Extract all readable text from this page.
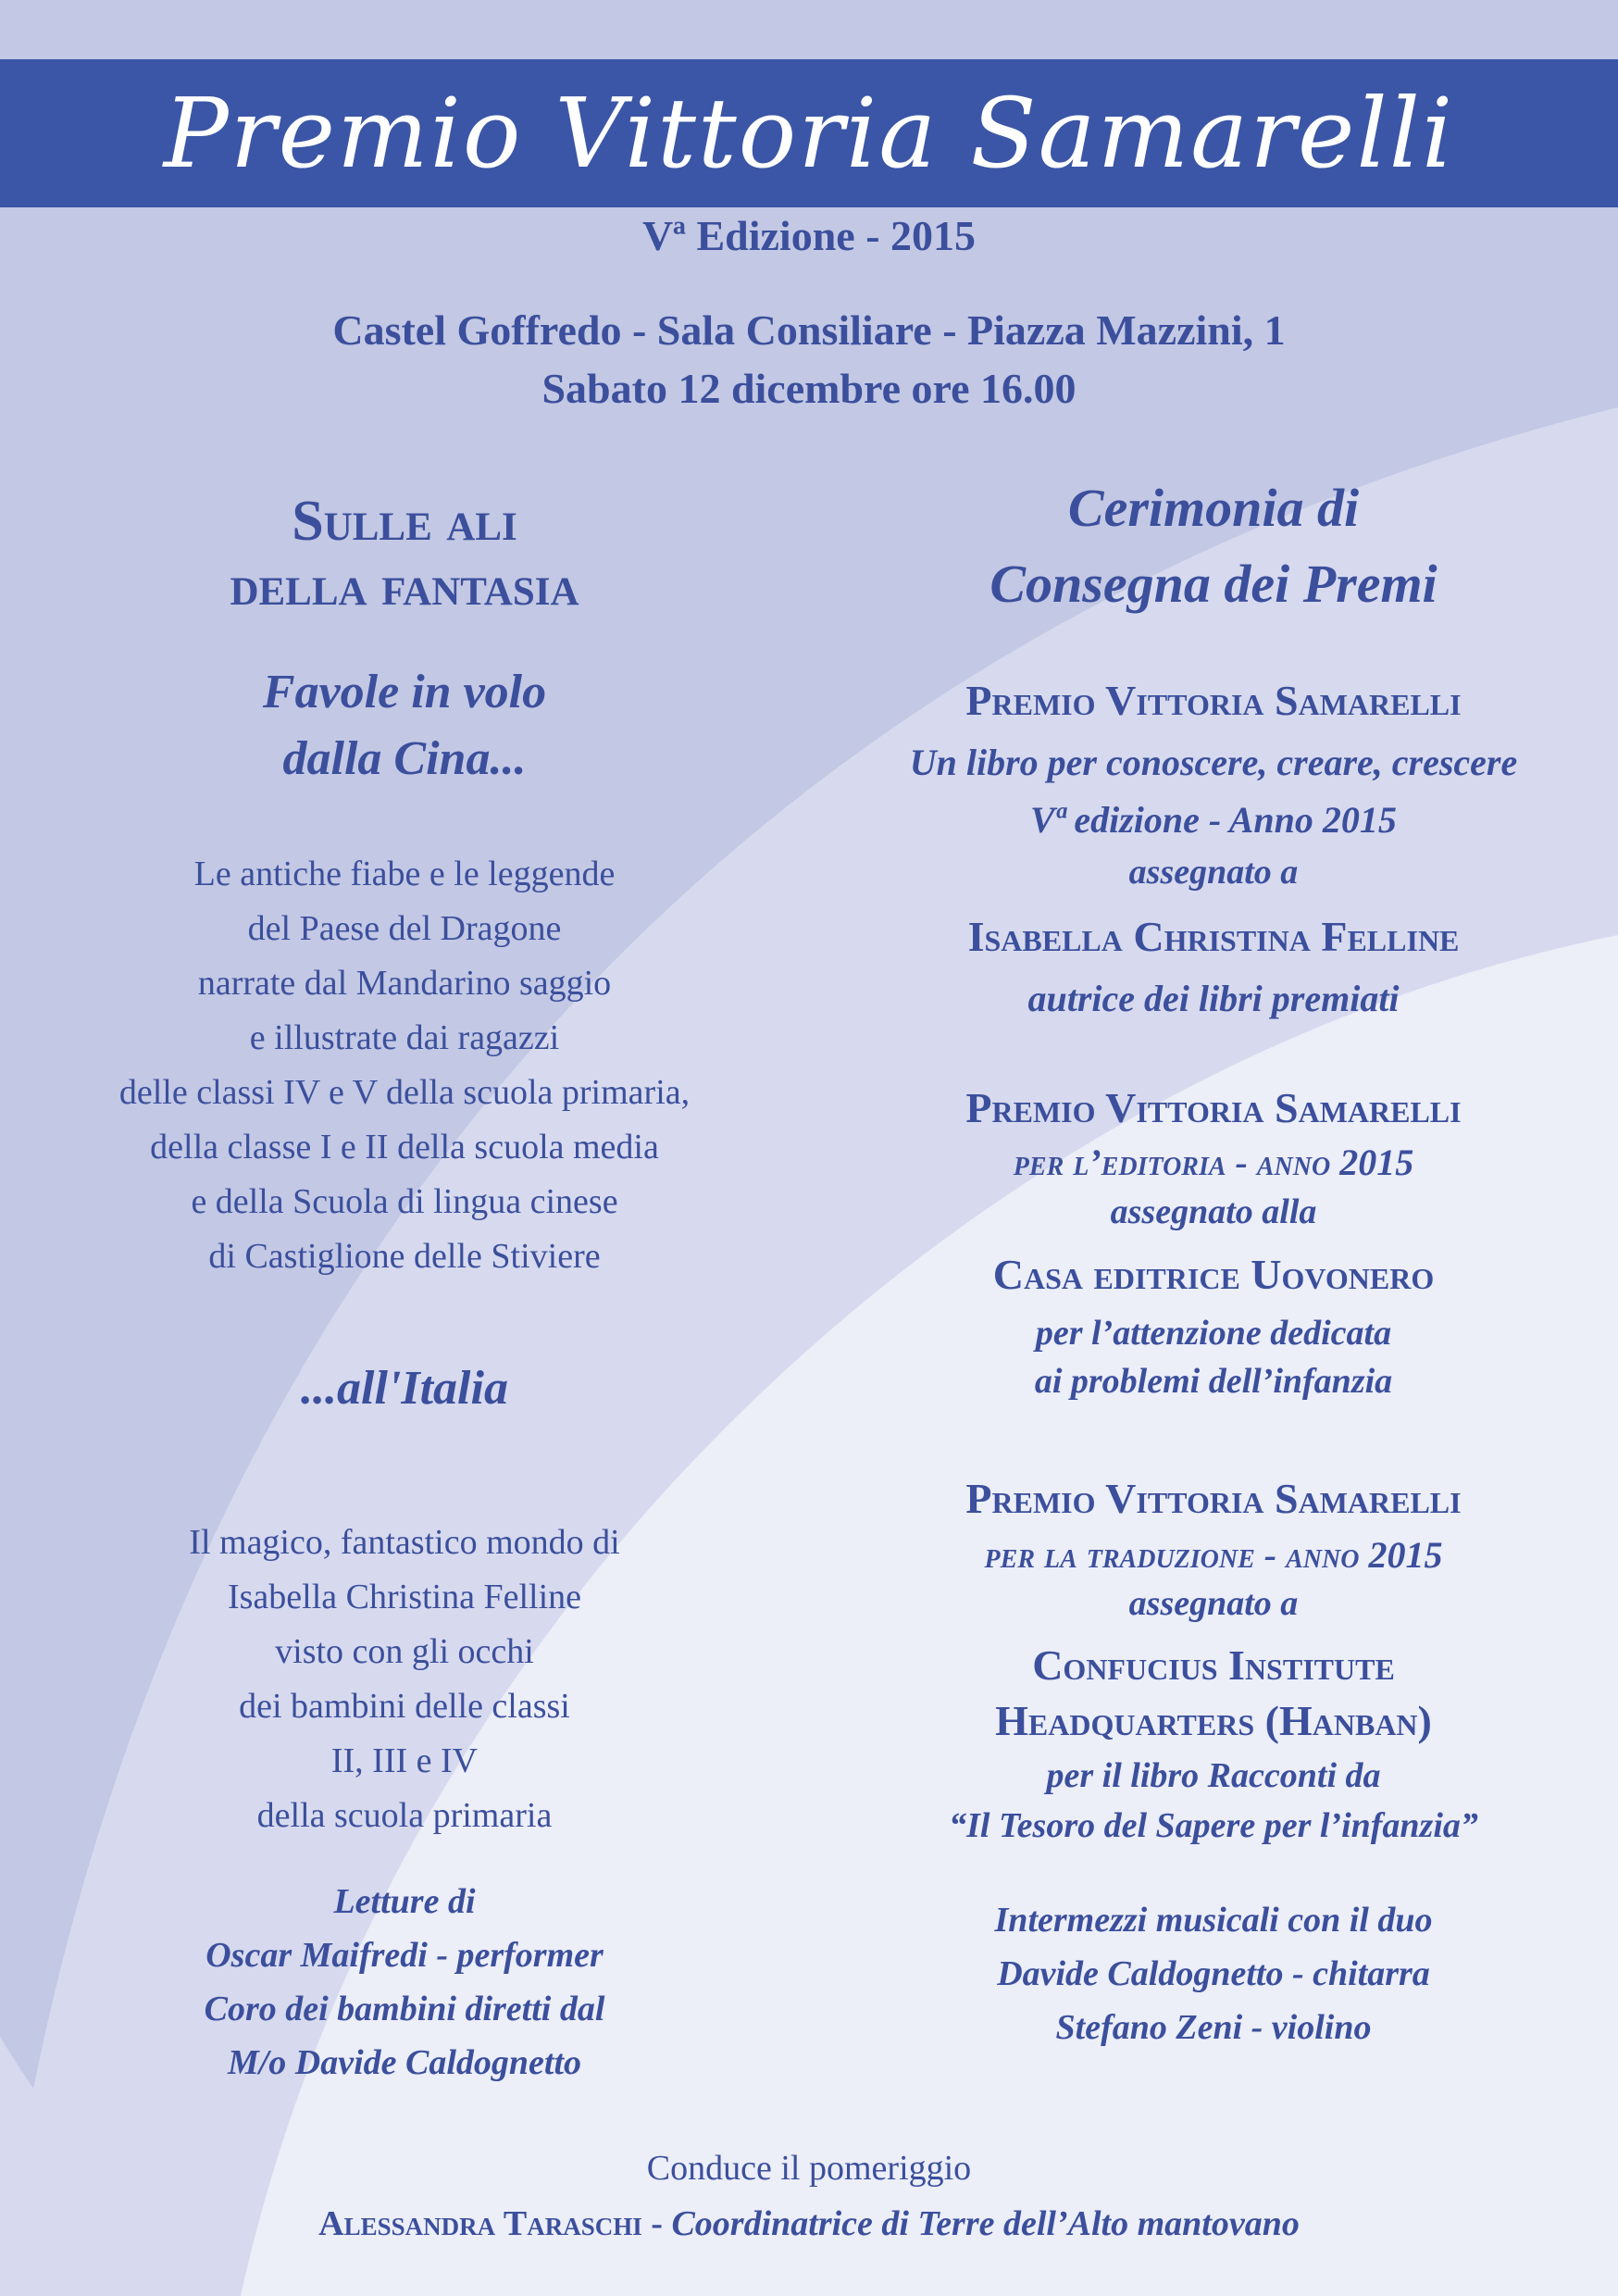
Premio Vittoria Samarelli
Vª Edizione - 2015
Castel Goffredo - Sala Consiliare - Piazza Mazzini, 1
Sabato 12 dicembre ore 16.00
Sulle ali
della fantasia
Favole in volo
dalla Cina...
Le antiche fiabe e le leggende
del Paese del Dragone
narrate dal Mandarino saggio
e illustrate dai ragazzi
delle classi IV e V della scuola primaria,
della classe I e II della scuola media
e della Scuola di lingua cinese
di Castiglione delle Stiviere
...all'Italia
Il magico, fantastico mondo di
Isabella Christina Felline
visto con gli occhi
dei bambini delle classi
II, III e IV
della scuola primaria
Letture di
Oscar Maifredi - performer
Coro dei bambini diretti dal
M/o Davide Caldognetto
Cerimonia di
Consegna dei Premi
Premio Vittoria Samarelli
Un libro per conoscere, creare, crescere
Vª edizione - Anno 2015
assegnato a
Isabella Christina Felline
autrice dei libri premiati
Premio Vittoria Samarelli
per l’editoria - anno 2015
assegnato alla
Casa editrice Uovonero
per l’attenzione dedicata
ai problemi dell’infanzia
Premio Vittoria Samarelli
per la traduzione - anno 2015
assegnato a
Confucius Institute
Headquarters (Hanban)
per il libro Racconti da
“Il Tesoro del Sapere per l’infanzia”
Intermezzi musicali con il duo
Davide Caldognetto - chitarra
Stefano Zeni - violino
Conduce il pomeriggio
Alessandra Taraschi - Coordinatrice di Terre dell’Alto mantovano
